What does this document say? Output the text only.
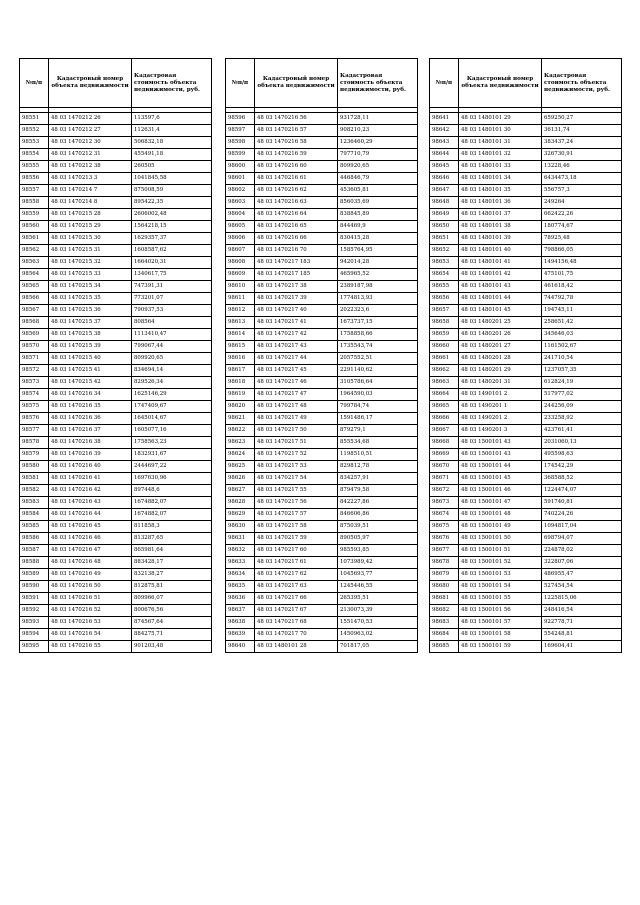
№п/п	Кадастровый номер объекта недвижимости	Кадастровая стоимость объекта недвижимости, руб.

98551	48 03 1470212 26	113597,6
98552	48 03 1470212 27	112631,4
98553	48 03 1470212 30	506832,18
98554	48 03 1470212 31	455491,18
98555	48 03 1470212 38	260505
98556	48 03 1470213 3	1041845,58
98557	48 03 1470214 7	875008,59
98558	48 03 1470214 8	895422,35
98559	48 03 1470215 28	2606002,48
98560	48 03 1470215 29	1564218,15
98561	48 03 1470215 30	1629357,37
98562	48 03 1470215 31	1608587,62
98563	48 03 1470215 32	1664020,31
98564	48 03 1470215 33	1340617,75
98565	48 03 1470215 34	747391,31
98566	48 03 1470215 35	773201,07
98567	48 03 1470215 36	790937,53
98568	48 03 1470215 37	808564
98569	48 03 1470215 38	1113410,47
98570	48 03 1470215 39	799067,44
98571	48 03 1470215 40	809920,65
98572	48 03 1470215 41	834694,14
98573	48 03 1470215 42	829526,34
98574	48 03 1470216 34	1625146,29
98575	48 03 1470216 35	1747409,67
98576	48 03 1470216 36	1645014,67
98577	48 03 1470216 37	1605077,16
98578	48 03 1470216 38	1758563,23
98579	48 03 1470216 39	1832931,67
98580	48 03 1470216 40	2444697,22
98581	48 03 1470216 41	1697630,96
98582	48 03 1470216 42	897448,6
98583	48 03 1470216 43	1674882,07
98584	48 03 1470216 44	1674882,07
98585	48 03 1470216 45	811858,3
98586	48 03 1470216 46	813287,65
98587	48 03 1470216 47	865981,64
98588	48 03 1470216 48	883428,17
98589	48 03 1470216 49	832138,27
98590	48 03 1470216 50	812875,81
98591	48 03 1470216 51	809966,07
98592	48 03 1470216 52	800676,56
98593	48 03 1470216 53	874567,64
98594	48 03 1470216 54	884275,71
98595	48 03 1470216 55	901203,48
№п/п	Кадастровый номер объекта недвижимости	Кадастровая стоимость объекта недвижимости, руб.

98596	48 03 1470216 56	931728,11
98597	48 03 1470216 57	908210,23
98598	48 03 1470216 58	1236460,29
98599	48 03 1470216 59	797710,79
98600	48 03 1470216 60	809920,65
98601	48 03 1470216 61	446846,79
98602	48 03 1470216 62	453605,81
98603	48 03 1470216 63	856035,69
98604	48 03 1470216 64	838845,89
98605	48 03 1470216 65	844469,9
98606	48 03 1470216 66	830415,28
98607	48 03 1470216 70	1585764,95
98608	48 03 1470217 183	942014,28
98609	48 03 1470217 185	465965,52
98610	48 03 1470217 38	2389187,98
98611	48 03 1470217 39	1774813,93
98612	48 03 1470217 40	2022323,6
98613	48 03 1470217 41	1673737,15
98614	48 03 1470217 42	1758858,66
98615	48 03 1470217 43	1735543,74
98616	48 03 1470217 44	2057552,51
98617	48 03 1470217 45	2291140,62
98618	48 03 1470217 46	3105786,64
98619	48 03 1470217 47	1964590,03
98620	48 03 1470217 48	799784,74
98621	48 03 1470217 49	1591486,17
98622	48 03 1470217 50	879279,1
98623	48 03 1470217 51	855534,68
98624	48 03 1470217 52	1198510,51
98625	48 03 1470217 53	829812,78
98626	48 03 1470217 54	834257,91
98627	48 03 1470217 55	879479,58
98628	48 03 1470217 56	842227,86
98629	48 03 1470217 57	846606,86
98630	48 03 1470217 58	875039,51
98631	48 03 1470217 59	890505,97
98632	48 03 1470217 60	985593,85
98633	48 03 1470217 61	1073989,42
98634	48 03 1470217 62	1045693,77
98635	48 03 1470217 63	1245446,55
98636	48 03 1470217 66	265395,51
98637	48 03 1470217 67	2130073,39
98638	48 03 1470217 68	1551470,53
98639	48 03 1470217 70	1450963,02
98640	48 03 1480101 28	701817,05
№п/п	Кадастровый номер объекта недвижимости	Кадастровая стоимость объекта недвижимости, руб.

98641	48 03 1480101 29	659250,27
98642	48 03 1480101 30	36131,74
98643	48 03 1480101 31	383437,24
98644	48 03 1480101 32	326730,91
98645	48 03 1480101 33	13228,46
98646	48 03 1480101 34	6434473,18
98647	48 03 1480101 35	556757,3
98648	48 03 1480101 36	249264
98649	48 03 1480101 37	662422,26
98650	48 03 1480101 38	180774,67
98651	48 03 1480101 39	78925,48
98652	48 03 1480101 40	798866,05
98653	48 03 1480101 41	1494156,48
98654	48 03 1480101 42	475101,75
98655	48 03 1480101 43	461618,42
98656	48 03 1480101 44	744792,78
98657	48 03 1480101 45	194745,11
98658	48 03 1480201 25	258651,42
98659	48 03 1480201 26	345646,03
98660	48 03 1480201 27	1161502,67
98661	48 03 1480201 28	241710,54
98662	48 03 1480201 29	1237057,35
98663	48 03 1480201 31	612824,19
98664	48 03 1490101 2	517977,02
98665	48 03 1490201 1	244256,09
98666	48 03 1490201 2	233258,92
98667	48 03 1490201 3	423761,41
98668	48 03 1500101 43	2031060,13
98669	48 03 1500101 43	495598,63
98670	48 03 1500101 44	174542,29
98671	48 03 1500101 45	368588,52
98672	48 03 1500101 46	1224474,07
98673	48 03 1500101 47	591740,81
98674	48 03 1500101 48	740224,26
98675	48 03 1500101 49	1094817,04
98676	48 03 1500101 50	698794,07
98677	48 03 1500101 51	224878,02
98678	48 03 1500101 52	322807,06
98679	48 03 1500101 53	486955,47
98680	48 03 1500101 54	527454,54
98681	48 03 1500101 55	1225815,06
98682	48 03 1500101 56	248416,54
98683	48 03 1500101 57	922778,71
98684	48 03 1500101 58	554248,81
98685	48 03 1500101 59	169604,41
